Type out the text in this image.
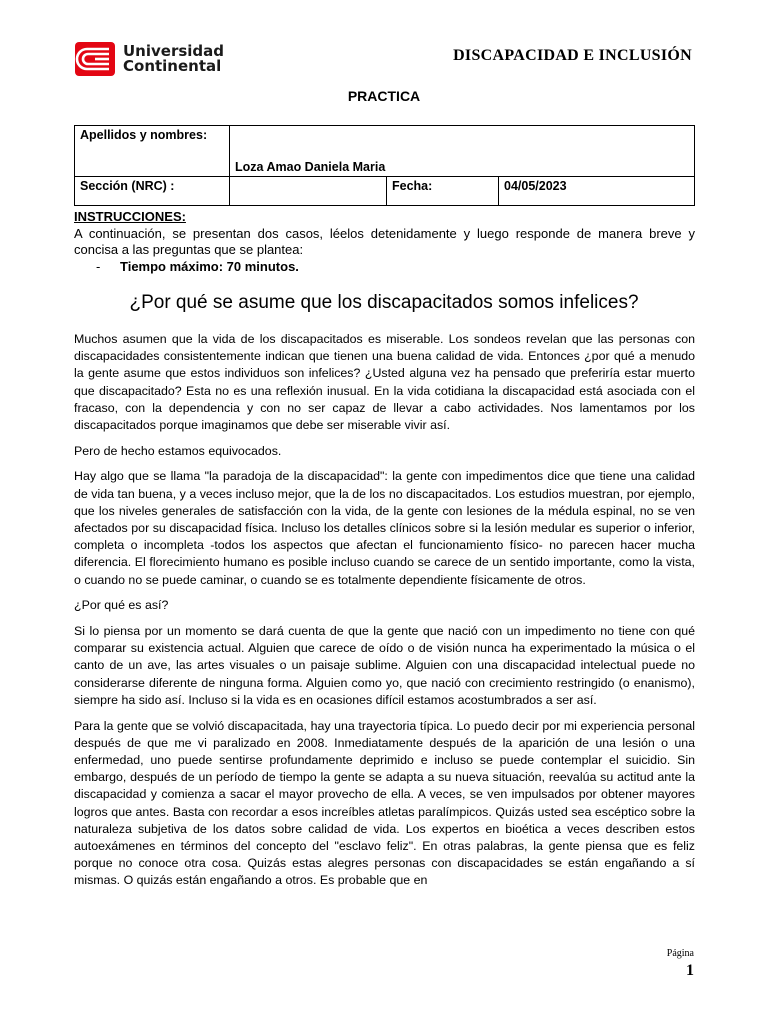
Universidad
Continental
DISCAPACIDAD E INCLUSIÓN
PRACTICA
Apellidos y nombres:	Loza Amao Daniela Maria		
Sección (NRC) :		Fecha:	04/05/2023
INSTRUCCIONES:

A continuación, se presentan dos casos, léelos detenidamente y luego responde de manera breve y concisa a las preguntas que se plantea:

- Tiempo máximo: 70 minutos.
¿Por qué se asume que los discapacitados somos infelices?

Muchos asumen que la vida de los discapacitados es miserable. Los sondeos revelan que las personas con discapacidades consistentemente indican que tienen una buena calidad de vida. Entonces ¿por qué a menudo la gente asume que estos individuos son infelices? ¿Usted alguna vez ha pensado que preferiría estar muerto que discapacitado? Esta no es una reflexión inusual. En la vida cotidiana la discapacidad está asociada con el fracaso, con la dependencia y con no ser capaz de llevar a cabo actividades. Nos lamentamos por los discapacitados porque imaginamos que debe ser miserable vivir así.

Pero de hecho estamos equivocados.

Hay algo que se llama "la paradoja de la discapacidad": la gente con impedimentos dice que tiene una calidad de vida tan buena, y a veces incluso mejor, que la de los no discapacitados. Los estudios muestran, por ejemplo, que los niveles generales de satisfacción con la vida, de la gente con lesiones de la médula espinal, no se ven afectados por su discapacidad física. Incluso los detalles clínicos sobre si la lesión medular es superior o inferior, completa o incompleta -todos los aspectos que afectan el funcionamiento físico- no parecen hacer mucha diferencia. El florecimiento humano es posible incluso cuando se carece de un sentido importante, como la vista, o cuando no se puede caminar, o cuando se es totalmente dependiente físicamente de otros.

¿Por qué es así?

Si lo piensa por un momento se dará cuenta de que la gente que nació con un impedimento no tiene con qué comparar su existencia actual. Alguien que carece de oído o de visión nunca ha experimentado la música o el canto de un ave, las artes visuales o un paisaje sublime. Alguien con una discapacidad intelectual puede no considerarse diferente de ninguna forma. Alguien como yo, que nació con crecimiento restringido (o enanismo), siempre ha sido así. Incluso si la vida es en ocasiones difícil estamos acostumbrados a ser así.

Para la gente que se volvió discapacitada, hay una trayectoria típica. Lo puedo decir por mi experiencia personal después de que me vi paralizado en 2008. Inmediatamente después de la aparición de una lesión o una enfermedad, uno puede sentirse profundamente deprimido e incluso se puede contemplar el suicidio. Sin embargo, después de un período de tiempo la gente se adapta a su nueva situación, reevalúa su actitud ante la discapacidad y comienza a sacar el mayor provecho de ella. A veces, se ven impulsados por obtener mayores logros que antes. Basta con recordar a esos increíbles atletas paralímpicos. Quizás usted sea escéptico sobre la naturaleza subjetiva de los datos sobre calidad de vida. Los expertos en bioética a veces describen estos autoexámenes en términos del concepto del "esclavo feliz". En otras palabras, la gente piensa que es feliz porque no conoce otra cosa. Quizás estas alegres personas con discapacidades se están engañando a sí mismas. O quizás están engañando a otros. Es probable que en

Página
1
